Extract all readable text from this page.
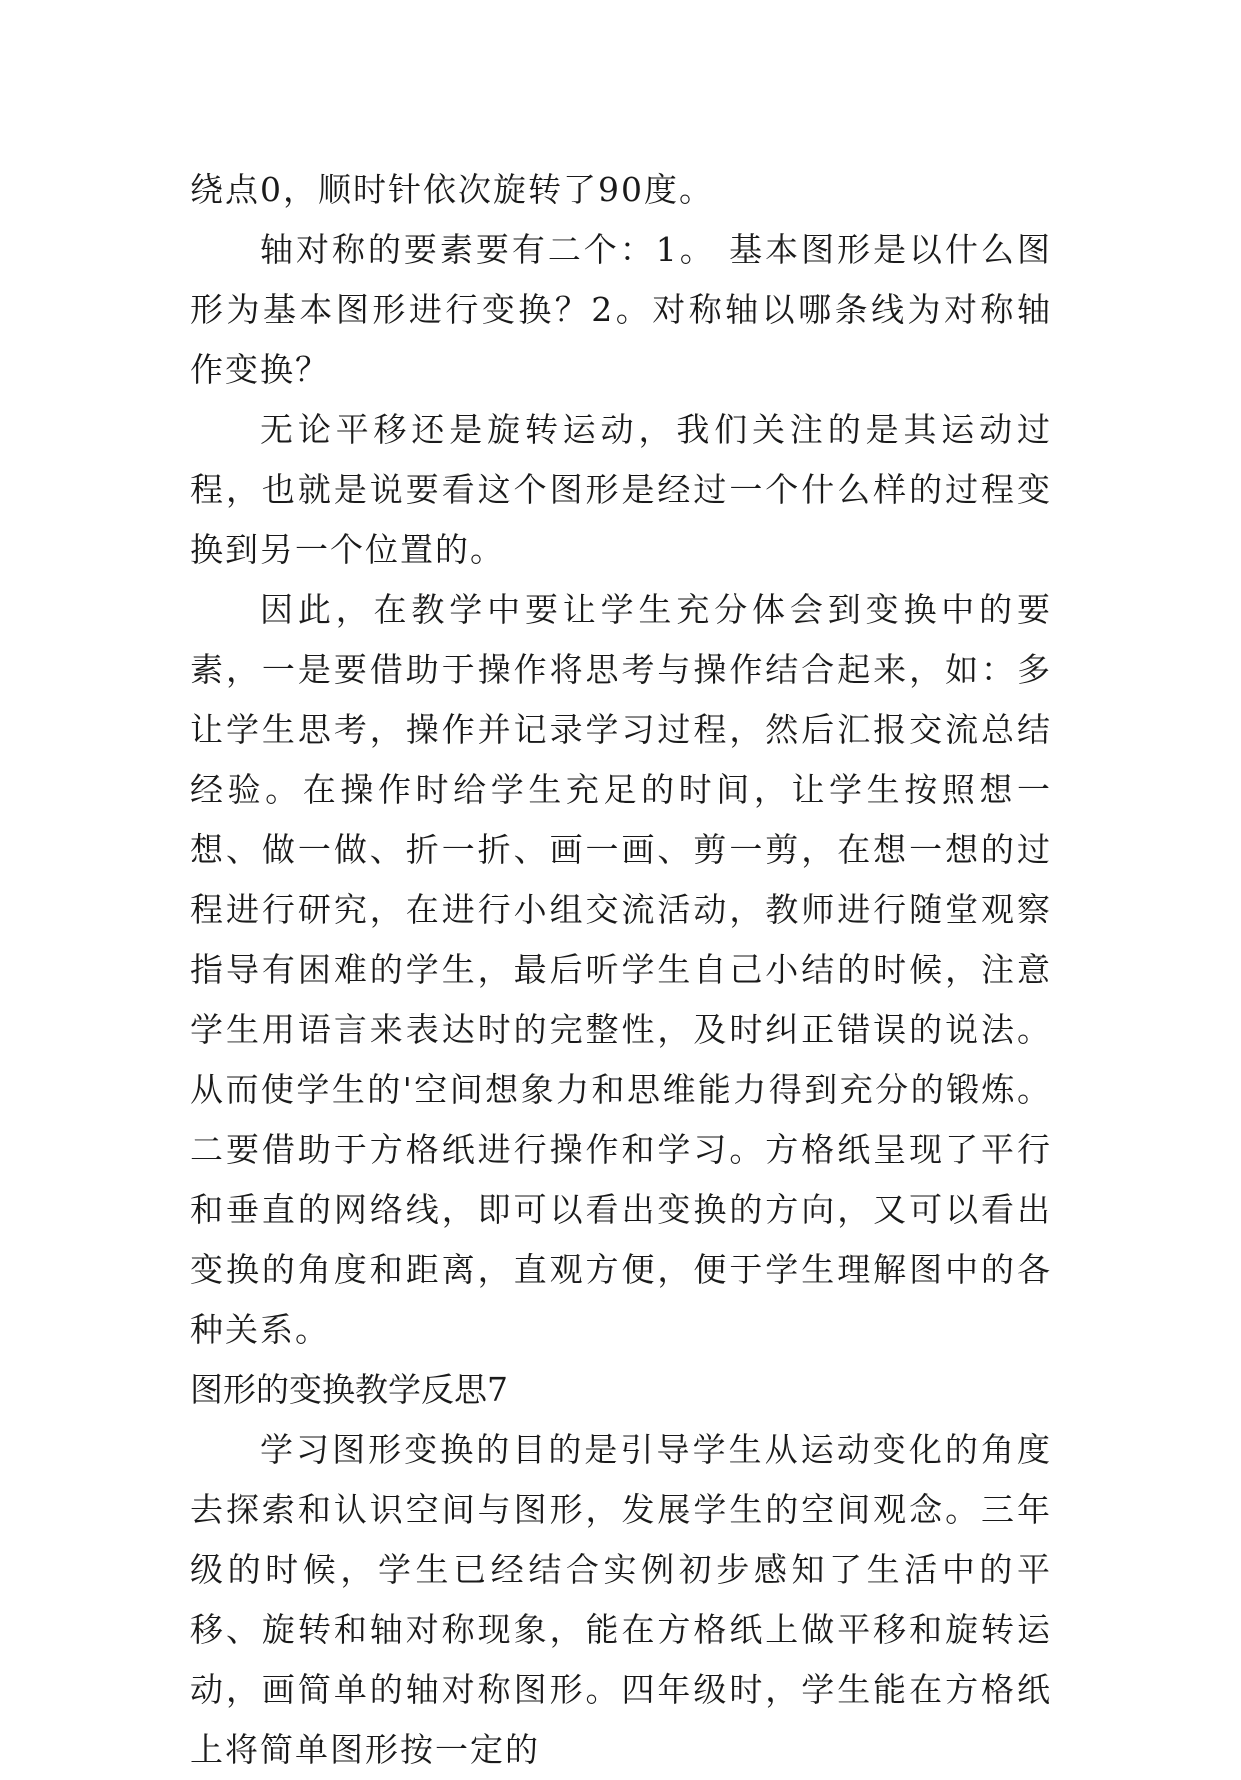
绕点0，顺时针依次旋转了90度。

轴对称的要素要有二个：1。 基本图形是以什么图形为基本图形进行变换？2。对称轴以哪条线为对称轴作变换？

无论平移还是旋转运动，我们关注的是其运动过程，也就是说要看这个图形是经过一个什么样的过程变换到另一个位置的。

因此，在教学中要让学生充分体会到变换中的要素，一是要借助于操作将思考与操作结合起来，如：多让学生思考，操作并记录学习过程，然后汇报交流总结经验。在操作时给学生充足的时间，让学生按照想一想、做一做、折一折、画一画、剪一剪，在想一想的过程进行研究，在进行小组交流活动，教师进行随堂观察指导有困难的学生，最后听学生自己小结的时候，注意学生用语言来表达时的完整性，及时纠正错误的说法。从而使学生的'空间想象力和思维能力得到充分的锻炼。二要借助于方格纸进行操作和学习。方格纸呈现了平行和垂直的网络线，即可以看出变换的方向，又可以看出变换的角度和距离，直观方便，便于学生理解图中的各种关系。

图形的变换教学反思7

学习图形变换的目的是引导学生从运动变化的角度去探索和认识空间与图形，发展学生的空间观念。三年级的时候，学生已经结合实例初步感知了生活中的平移、旋转和轴对称现象，能在方格纸上做平移和旋转运动，画简单的轴对称图形。四年级时，学生能在方格纸上将简单图形按一定的
